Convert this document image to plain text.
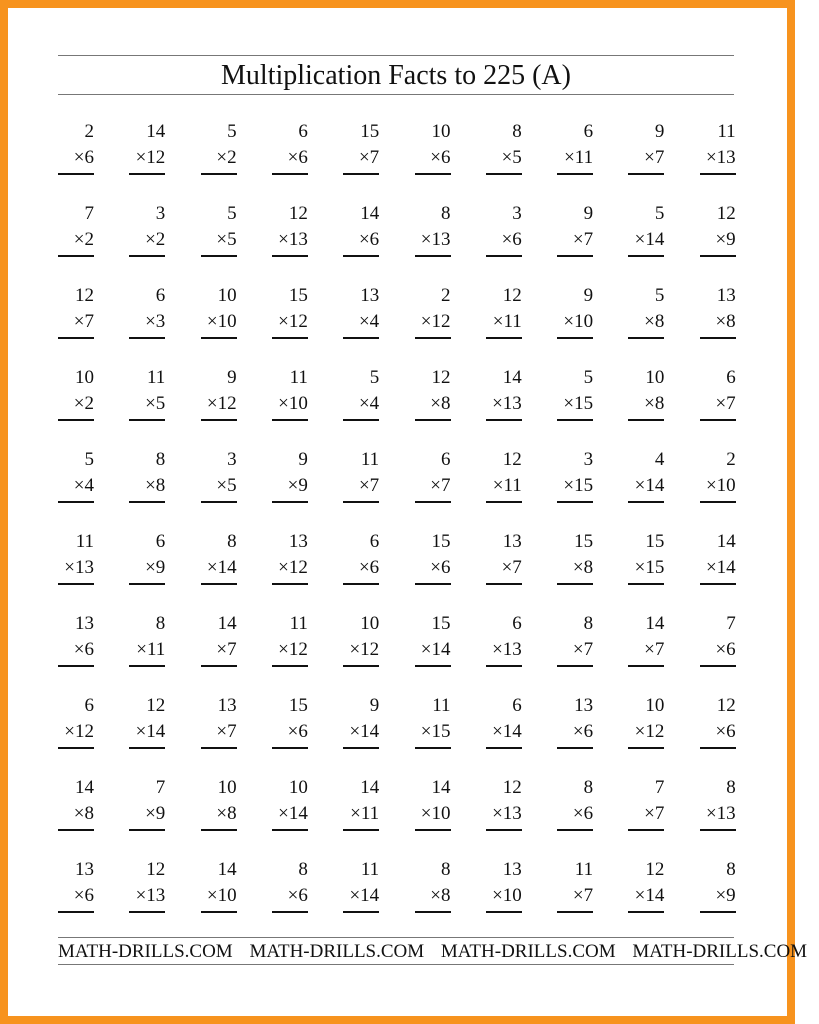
Multiplication Facts to 225 (A)
2
×6
14
×12
5
×2
6
×6
15
×7
10
×6
8
×5
6
×11
9
×7
11
×13
7
×2
3
×2
5
×5
12
×13
14
×6
8
×13
3
×6
9
×7
5
×14
12
×9
12
×7
6
×3
10
×10
15
×12
13
×4
2
×12
12
×11
9
×10
5
×8
13
×8
10
×2
11
×5
9
×12
11
×10
5
×4
12
×8
14
×13
5
×15
10
×8
6
×7
5
×4
8
×8
3
×5
9
×9
11
×7
6
×7
12
×11
3
×15
4
×14
2
×10
11
×13
6
×9
8
×14
13
×12
6
×6
15
×6
13
×7
15
×8
15
×15
14
×14
13
×6
8
×11
14
×7
11
×12
10
×12
15
×14
6
×13
8
×7
14
×7
7
×6
6
×12
12
×14
13
×7
15
×6
9
×14
11
×15
6
×14
13
×6
10
×12
12
×6
14
×8
7
×9
10
×8
10
×14
14
×11
14
×10
12
×13
8
×6
7
×7
8
×13
13
×6
12
×13
14
×10
8
×6
11
×14
8
×8
13
×10
11
×7
12
×14
8
×9
MATH-DRILLS.COM MATH-DRILLS.COM MATH-DRILLS.COM MATH-DRILLS.COM
